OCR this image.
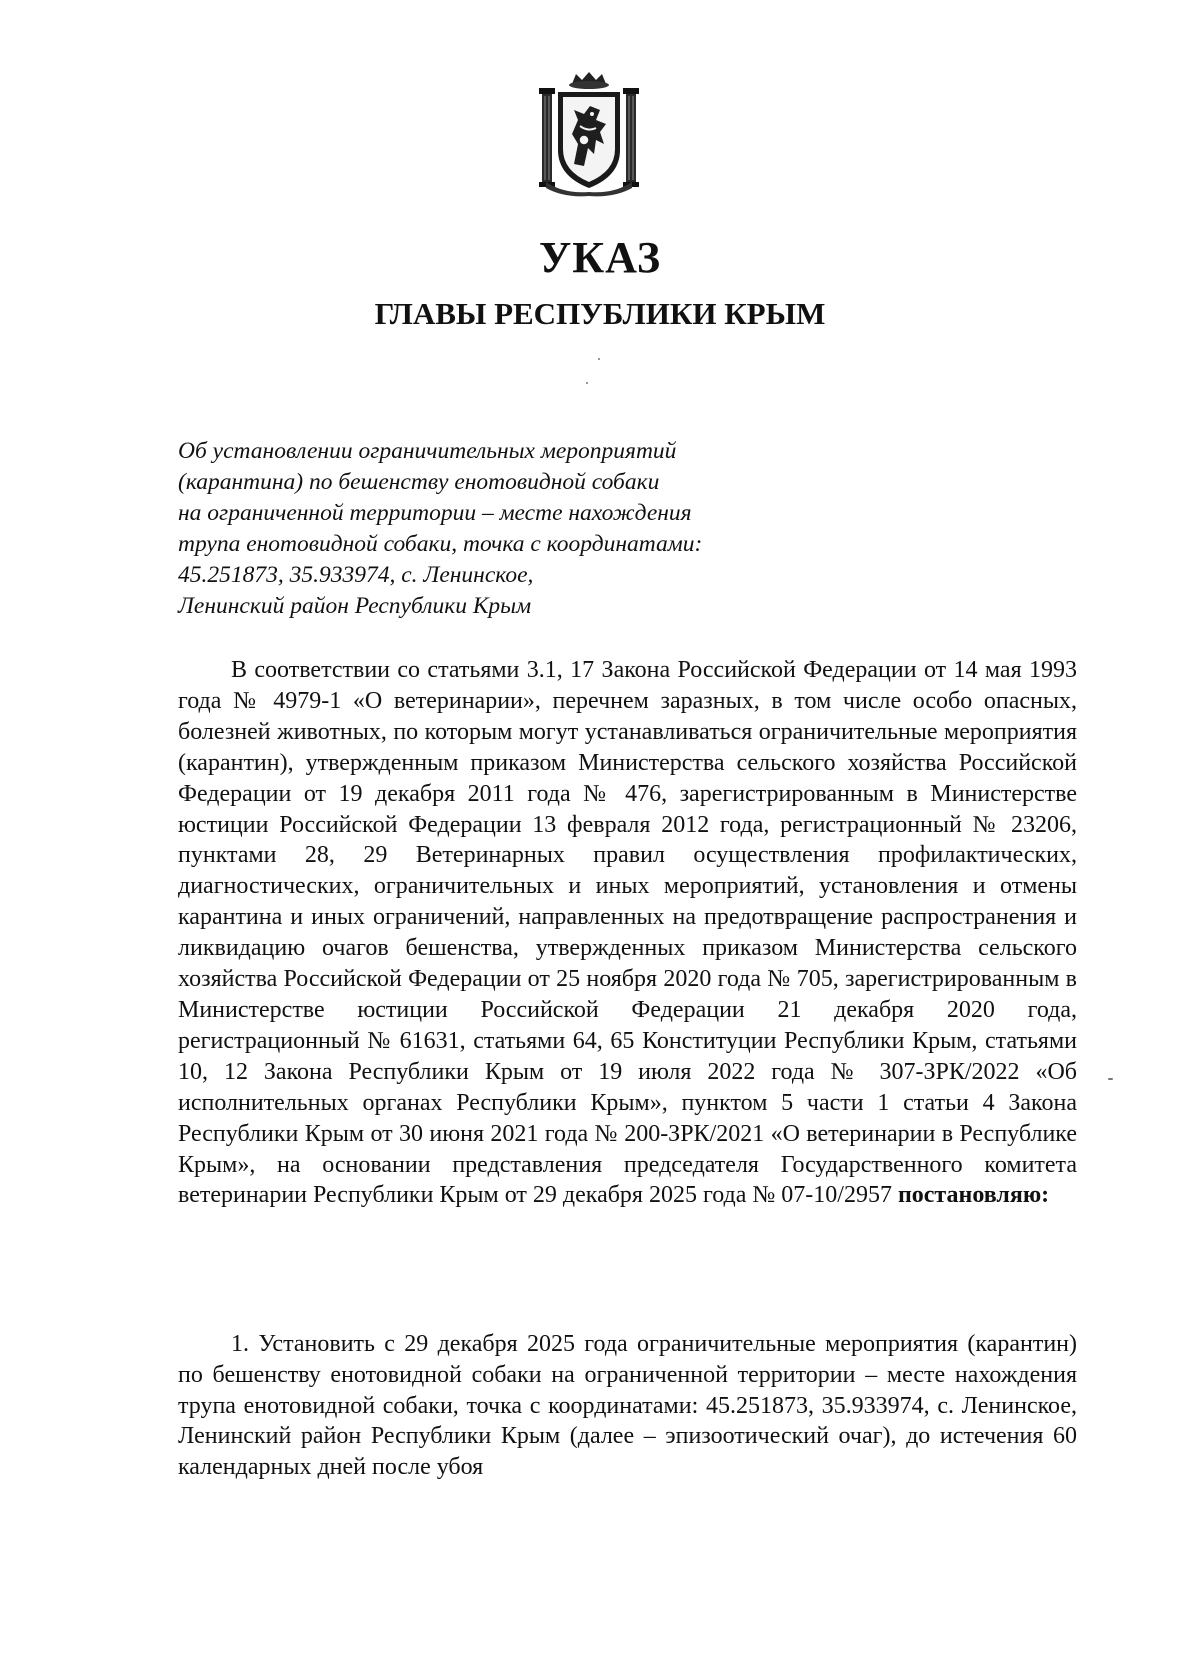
УКАЗ
ГЛАВЫ РЕСПУБЛИКИ КРЫМ
Об установлении ограничительных мероприятий
(карантина) по бешенству енотовидной собаки
на ограниченной территории – месте нахождения
трупа енотовидной собаки, точка с координатами:
45.251873, 35.933974, с. Ленинское,
Ленинский район Республики Крым

В соответствии со статьями 3.1, 17 Закона Российской Федерации от 14 мая 1993 года № 4979-1 «О ветеринарии», перечнем заразных, в том числе особо опасных, болезней животных, по которым могут устанавливаться ограничительные мероприятия (карантин), утвержденным приказом Министерства сельского хозяйства Российской Федерации от 19 декабря 2011 года № 476, зарегистрированным в Министерстве юстиции Российской Федерации 13 февраля 2012 года, регистрационный № 23206, пунктами 28, 29 Ветеринарных правил осуществления профилактических, диагностических, ограничительных и иных мероприятий, установления и отмены карантина и иных ограничений, направленных на предотвращение распространения и ликвидацию очагов бешенства, утвержденных приказом Министерства сельского хозяйства Российской Федерации от 25 ноября 2020 года № 705, зарегистрированным в Министерстве юстиции Российской Федерации 21 декабря 2020 года, регистрационный № 61631, статьями 64, 65 Конституции Республики Крым, статьями 10, 12 Закона Республики Крым от 19 июля 2022 года № 307-ЗРК/2022 «Об исполнительных органах Республики Крым», пунктом 5 части 1 статьи 4 Закона Республики Крым от 30 июня 2021 года № 200-ЗРК/2021 «О ветеринарии в Республике Крым», на основании представления председателя Государственного комитета ветеринарии Республики Крым от 29 декабря 2025 года № 07-10/2957 постановляю:

1. Установить с 29 декабря 2025 года ограничительные мероприятия (карантин) по бешенству енотовидной собаки на ограниченной территории – месте нахождения трупа енотовидной собаки, точка с координатами: 45.251873, 35.933974, с. Ленинское, Ленинский район Республики Крым (далее – эпизоотический очаг), до истечения 60 календарных дней после убоя
